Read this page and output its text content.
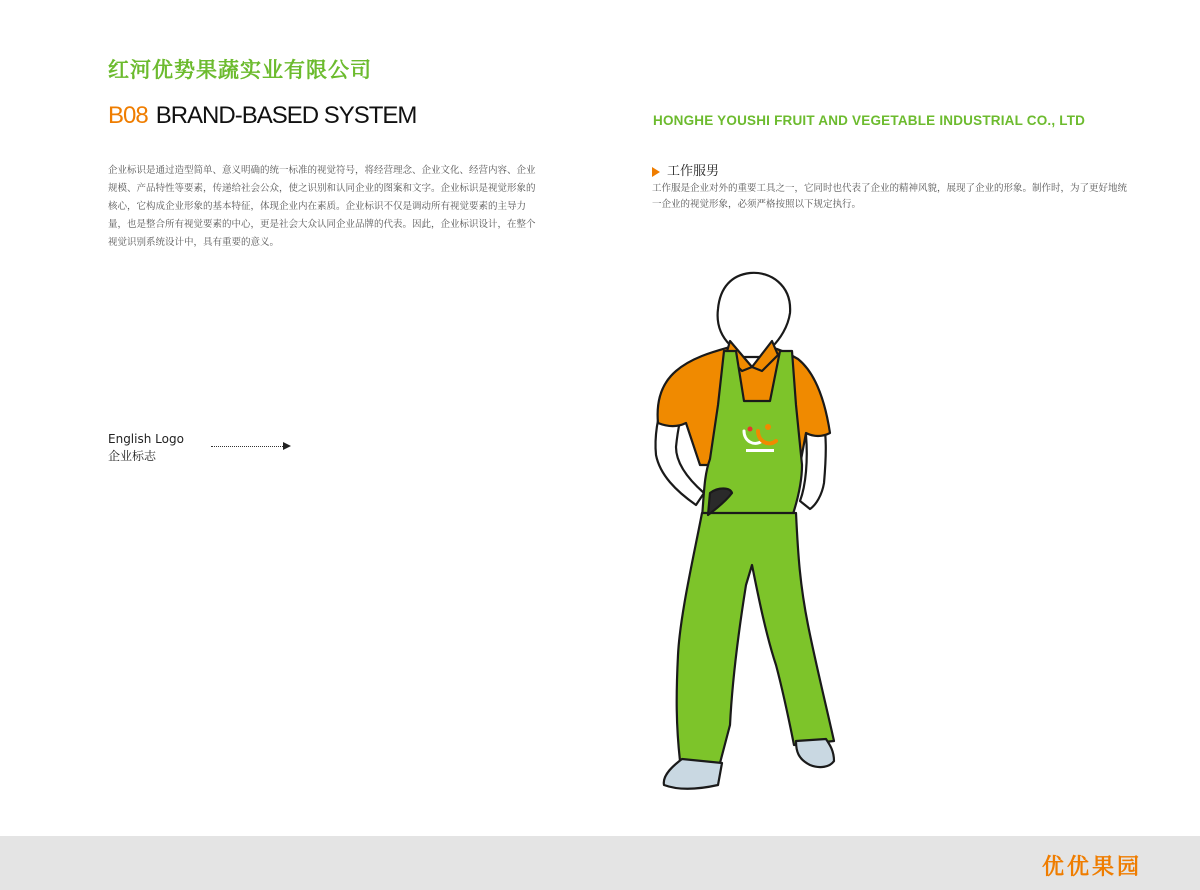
红河优势果蔬实业有限公司
B08 BRAND-BASED SYSTEM
企业标识是通过造型简单、意义明确的统一标准的视觉符号，将经营理念、企业文化、经营内容、企业规模、产品特性等要素，传递给社会公众，使之识别和认同企业的图案和文字。企业标识是视觉形象的核心，它构成企业形象的基本特征，体现企业内在素质。企业标识不仅是调动所有视觉要素的主导力量，也是整合所有视觉要素的中心，更是社会大众认同企业品牌的代表。因此，企业标识设计，在整个视觉识别系统设计中，具有重要的意义。
English Logo
企业标志
HONGHE YOUSHI FRUIT AND VEGETABLE INDUSTRIAL CO., LTD
工作服男
工作服是企业对外的重要工具之一，它同时也代表了企业的精神风貌，展现了企业的形象。制作时，为了更好地统一企业的视觉形象，必须严格按照以下规定执行。
优优果园
